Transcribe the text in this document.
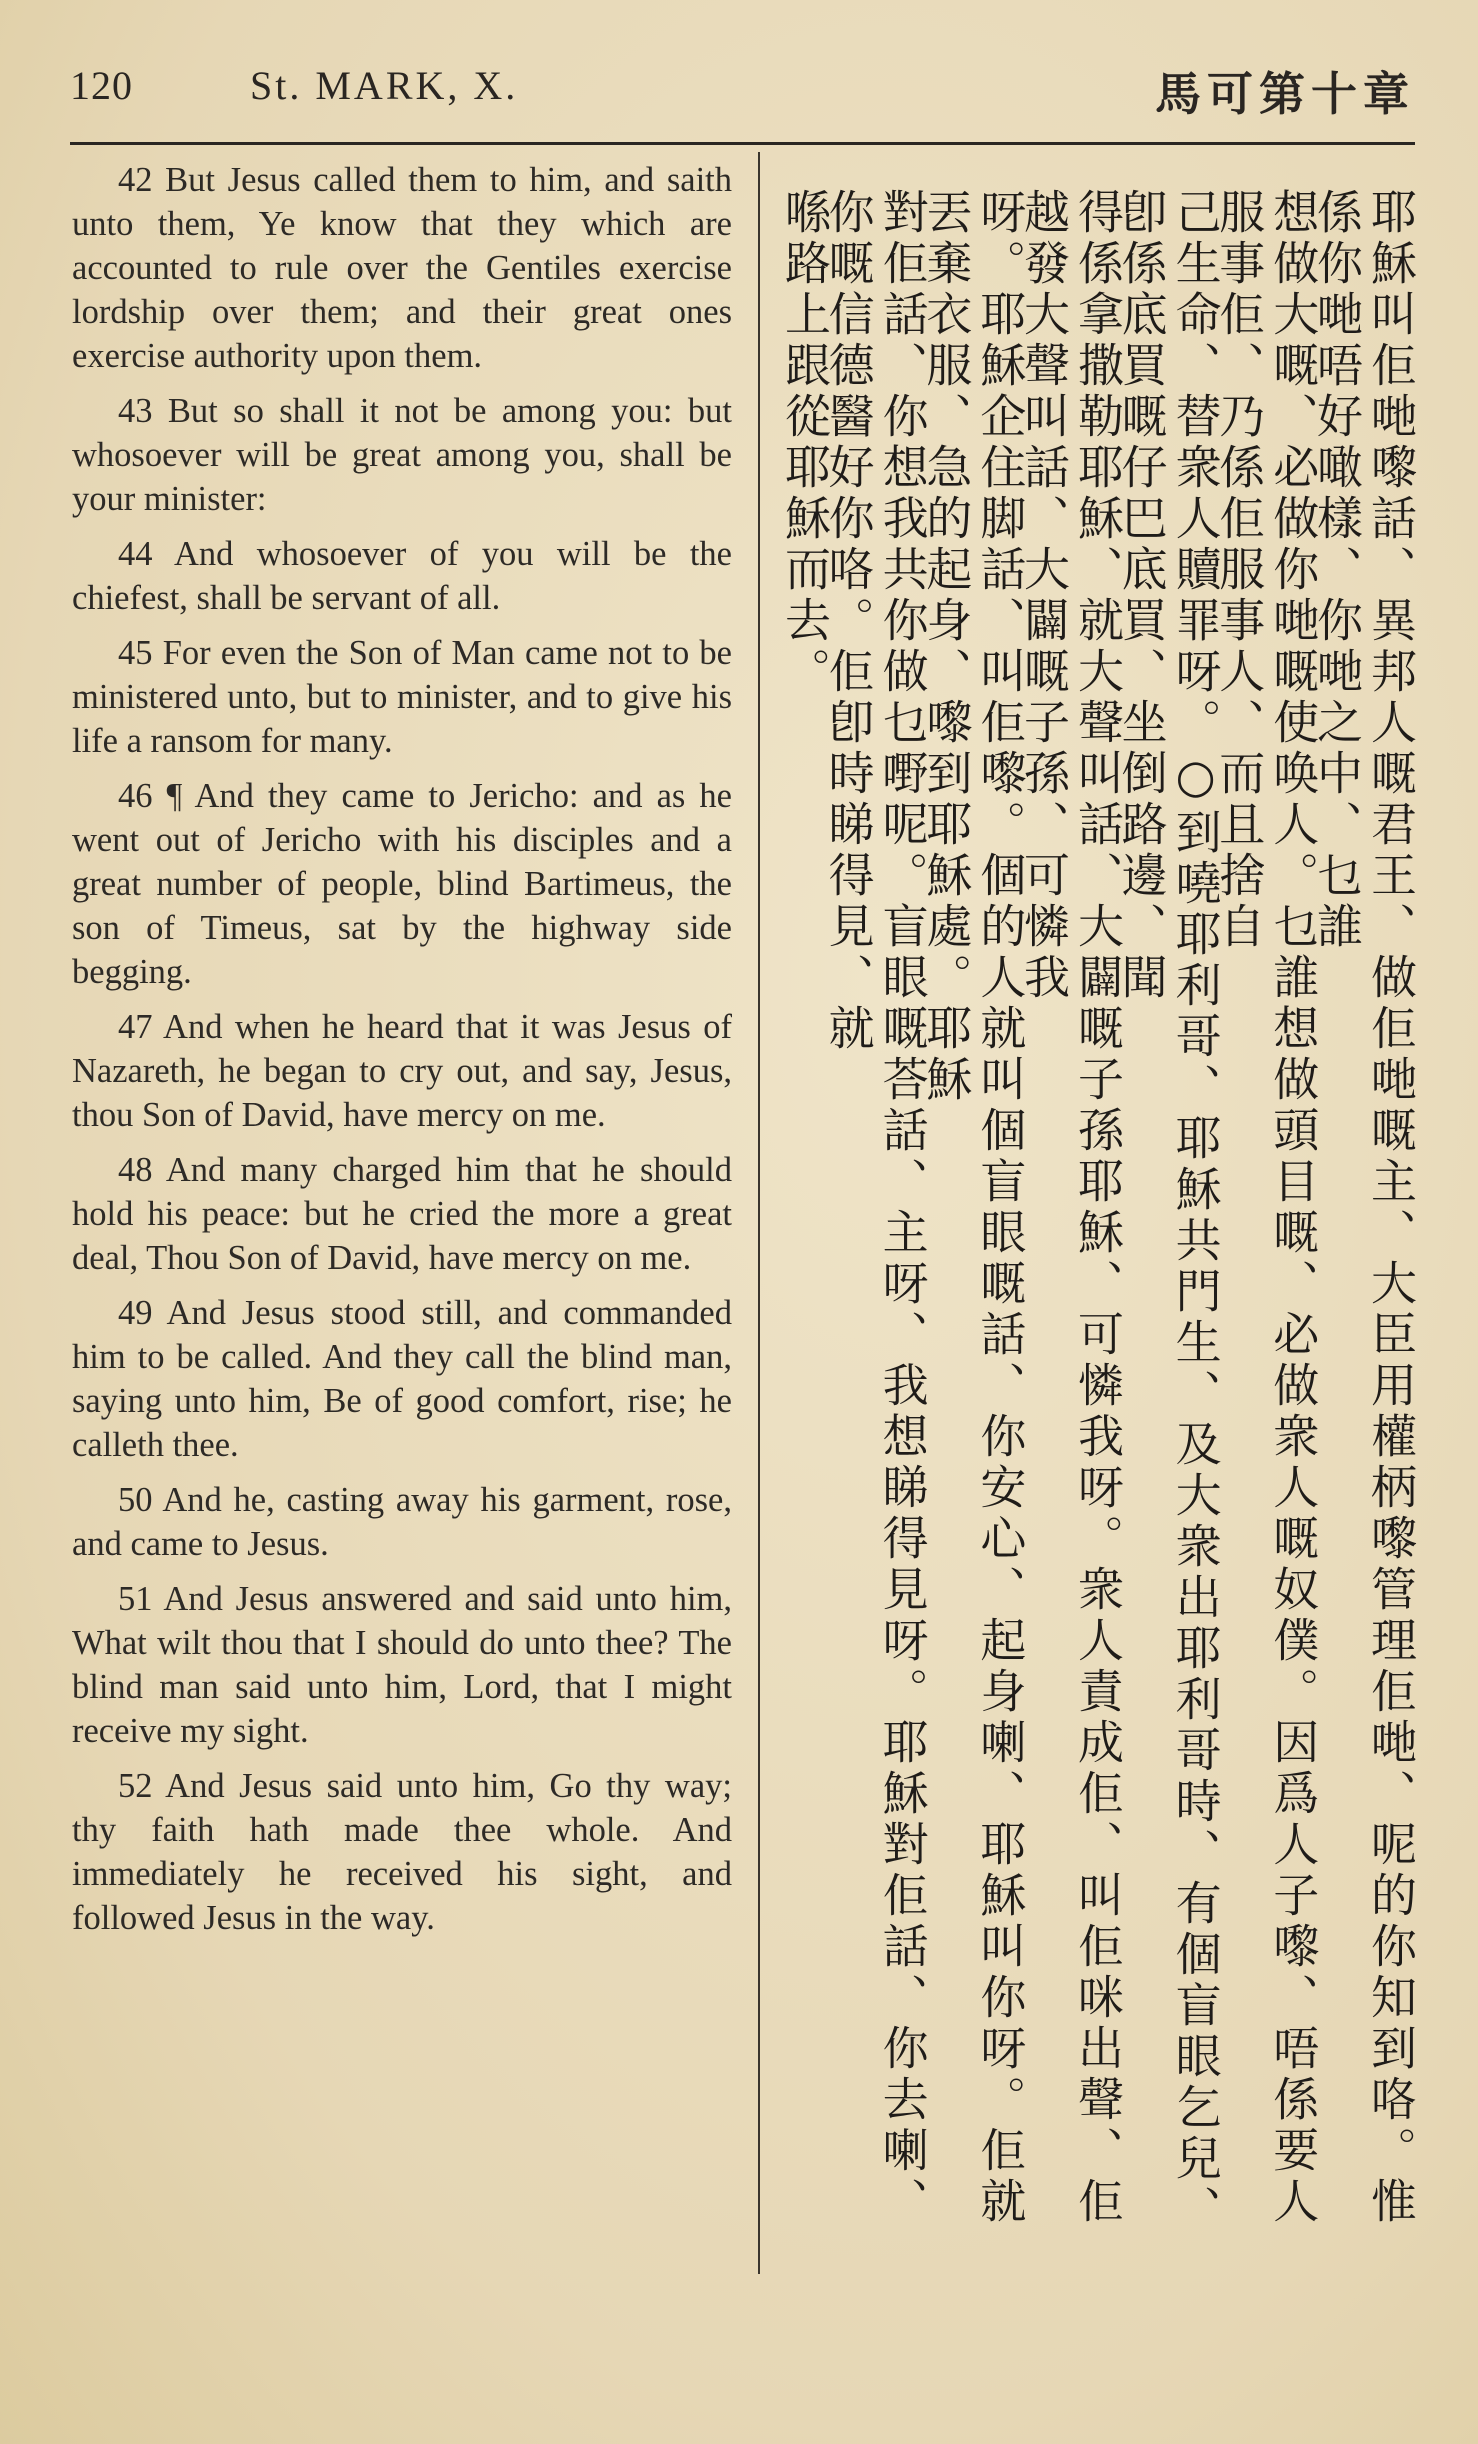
120	St. MARK, X.	馬可第十章

42 But Jesus called them to him, and saith unto them, Ye know that they which are accounted to rule over the Gentiles exercise lordship over them; and their great ones exercise authority upon them.

43 But so shall it not be among you: but whosoever will be great among you, shall be your minister:

44 And whosoever of you will be the chiefest, shall be servant of all.

45 For even the Son of Man came not to be ministered unto, but to minister, and to give his life a ransom for many.

46 ¶ And they came to Jericho: and as he went out of Jericho with his disciples and a great number of people, blind Bartimeus, the son of Timeus, sat by the highway side begging.

47 And when he heard that it was Jesus of Nazareth, he began to cry out, and say, Jesus, thou Son of David, have mercy on me.

48 And many charged him that he should hold his peace: but he cried the more a great deal, Thou Son of David, have mercy on me.

49 And Jesus stood still, and commanded him to be called. And they call the blind man, saying unto him, Be of good comfort, rise; he calleth thee.

50 And he, casting away his garment, rose, and came to Jesus.

51 And Jesus answered and said unto him, What wilt thou that I should do unto thee? The blind man said unto him, Lord, that I might receive my sight.

52 And Jesus said unto him, Go thy way; thy faith hath made thee whole. And immediately he received his sight, and followed Jesus in the way.	耶穌叫佢哋嚟話、異邦人嘅君王、做佢哋嘅主、大臣用權柄嚟管理佢哋、呢的你知到咯。惟係你哋唔好噉樣、你哋之中、乜誰
想做大嘅、必做你哋嘅使唤人。乜誰想做頭目嘅、必做衆人嘅奴僕。因爲人子嚟、唔係要人服事佢、乃係佢服事人、而且捨自
己生命、替衆人贖罪呀。○到嘵耶利哥、耶穌共門生、及大衆出耶利哥時、有個盲眼乞兒、卽係底買嘅仔巴底買、坐倒路邊、聞
得係拿撒勒耶穌、就大聲叫話、大闢嘅子孫耶穌、可憐我呀。衆人責成佢、叫佢咪出聲、佢越發大聲叫話、大闢嘅子孫、可憐我
呀。耶穌企住脚話、叫佢嚟。個的人就叫個盲眼嘅話、你安心、起身喇、耶穌叫你呀。佢就丟棄衣服、急的起身、嚟到耶穌處。耶穌
對佢話、你想我共你做乜嘢呢。盲眼嘅荅話、主呀、我想睇得見呀。耶穌對佢話、你去喇、你嘅信德醫好你咯。佢卽時睇得見、就
喺路上跟從耶穌而去。
